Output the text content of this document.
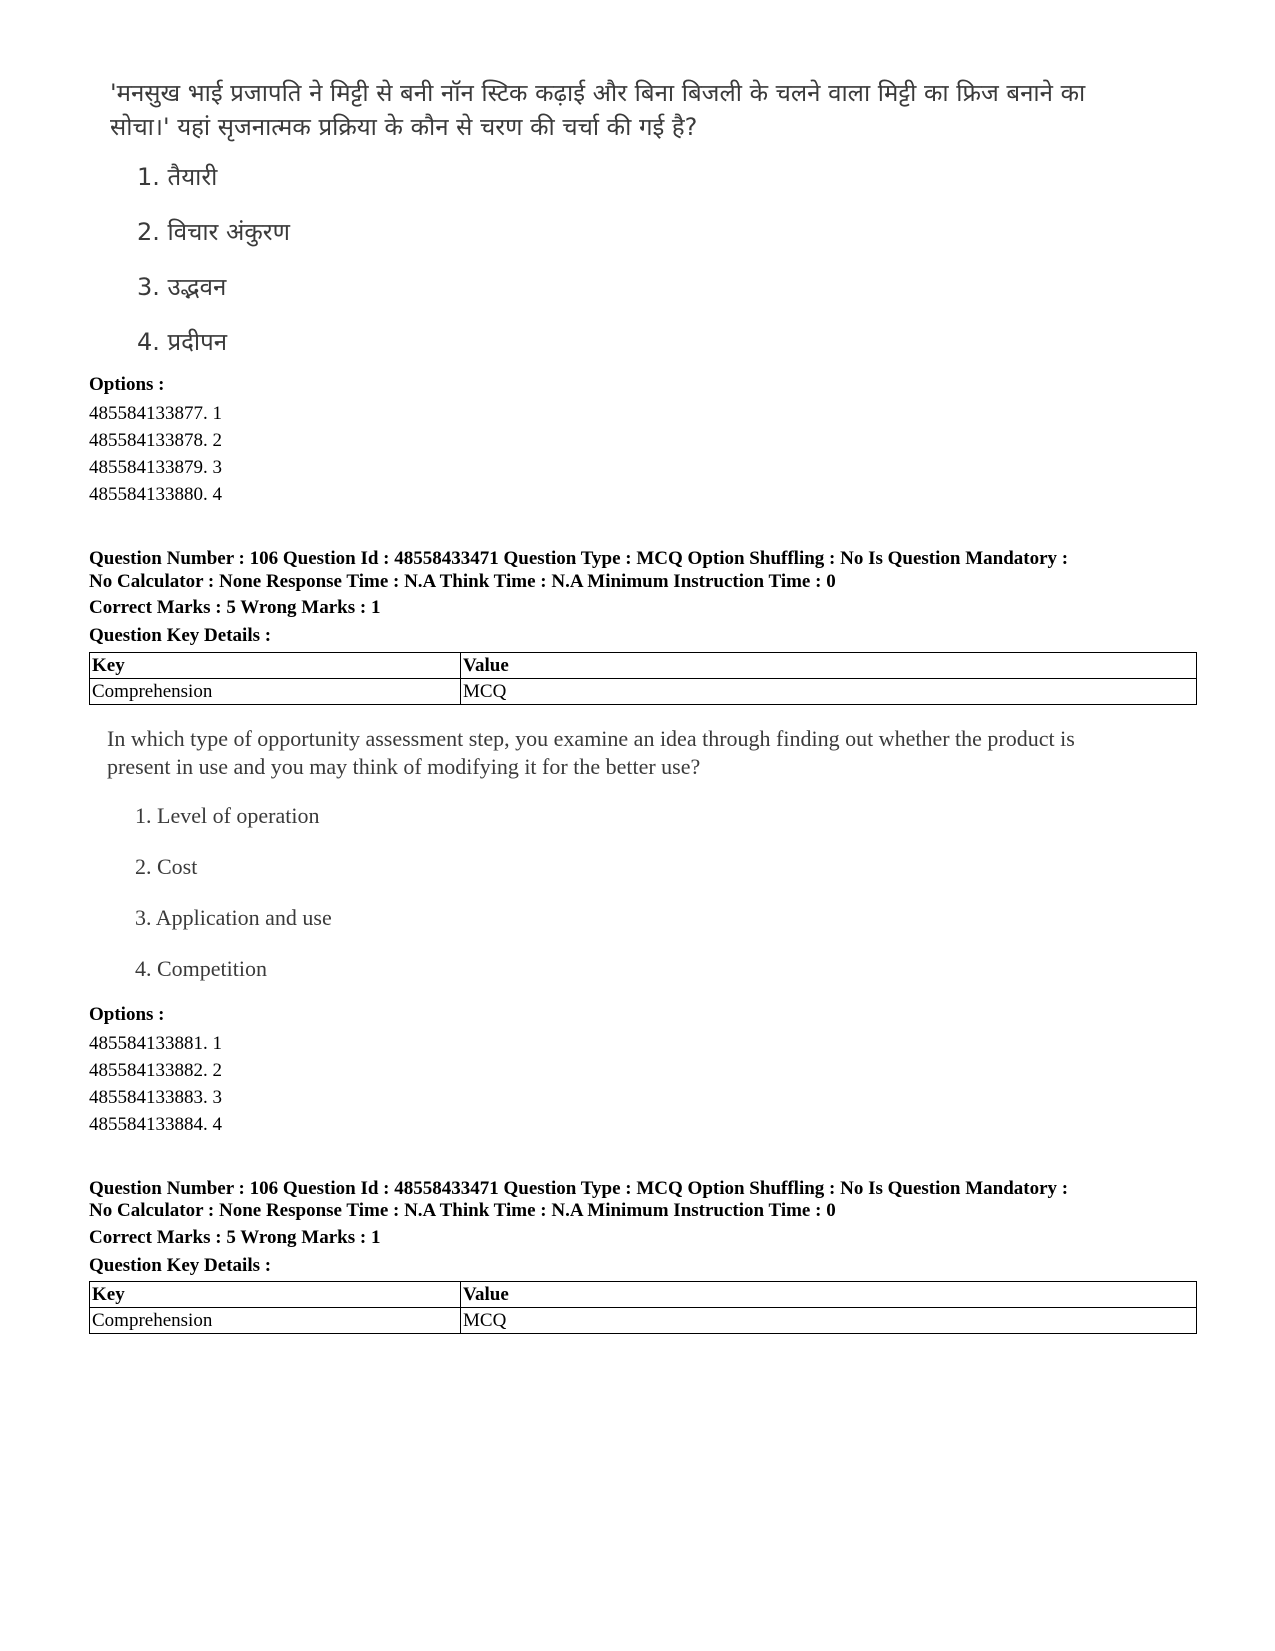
'मनसुख भाई प्रजापति ने मिट्टी से बनी नॉन स्टिक कढ़ाई और बिना बिजली के चलने वाला मिट्टी का फ्रिज बनाने का
सोचा।' यहां सृजनात्मक प्रक्रिया के कौन से चरण की चर्चा की गई है?
1. तैयारी
2. विचार अंकुरण
3. उद्भवन
4. प्रदीपन
Options :
485584133877. 1
485584133878. 2
485584133879. 3
485584133880. 4
Question Number : 106 Question Id : 48558433471 Question Type : MCQ Option Shuffling : No Is Question Mandatory :
No Calculator : None Response Time : N.A Think Time : N.A Minimum Instruction Time : 0
Correct Marks : 5 Wrong Marks : 1
Question Key Details :
Key	Value
Comprehension	MCQ
In which type of opportunity assessment step, you examine an idea through finding out whether the product is
present in use and you may think of modifying it for the better use?
1. Level of operation
2. Cost
3. Application and use
4. Competition
Options :
485584133881. 1
485584133882. 2
485584133883. 3
485584133884. 4
Question Number : 106 Question Id : 48558433471 Question Type : MCQ Option Shuffling : No Is Question Mandatory :
No Calculator : None Response Time : N.A Think Time : N.A Minimum Instruction Time : 0
Correct Marks : 5 Wrong Marks : 1
Question Key Details :
Key	Value
Comprehension	MCQ
